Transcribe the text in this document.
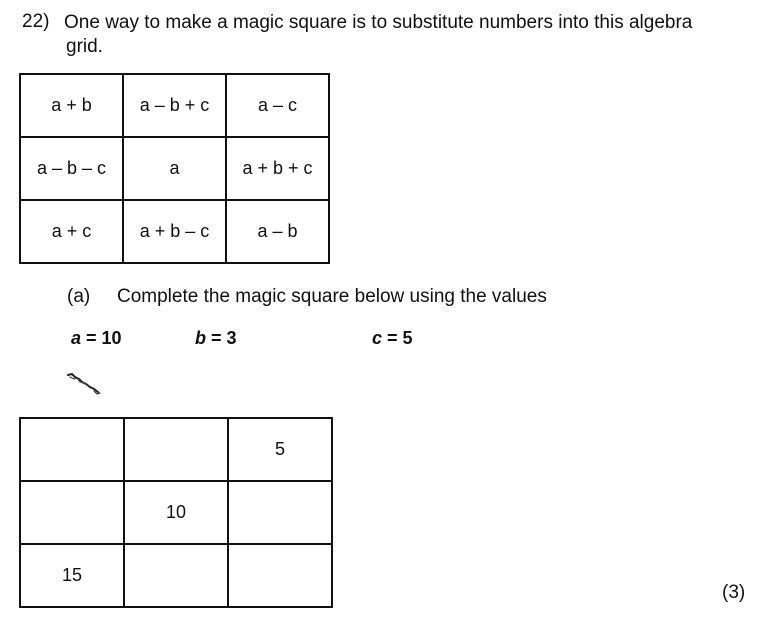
22) One way to make a magic square is to substitute numbers into this algebra
grid.
a + b	a – b + c	a – c
a – b – c	a	a + b + c
a + c	a + b – c	a – b
(a) Complete the magic square below using the values
a = 10	b = 3	c = 5
		5
	10	
15		
(3)
